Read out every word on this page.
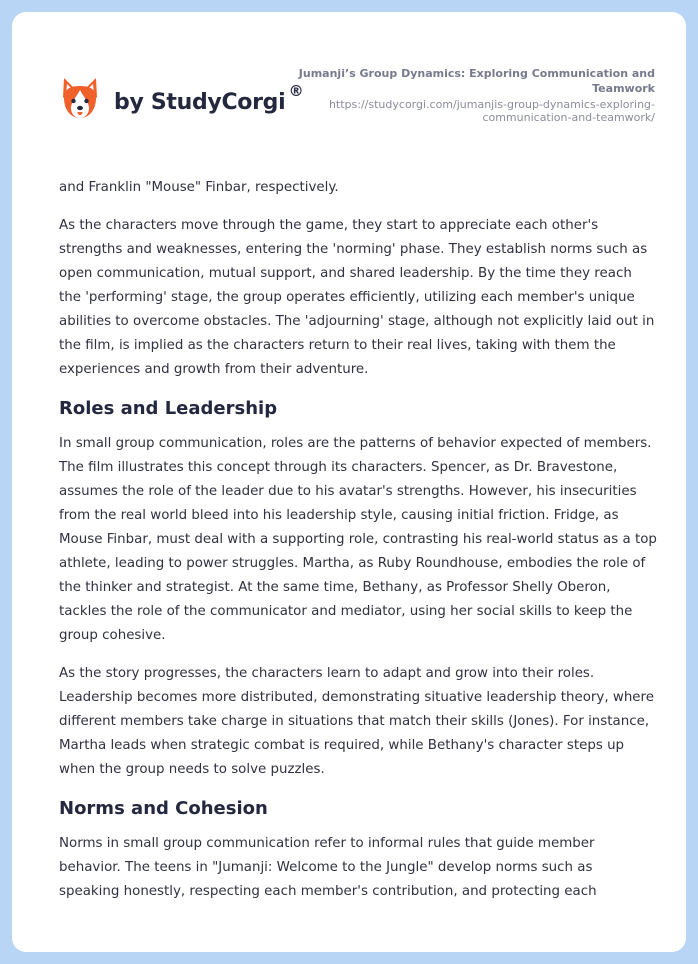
by StudyCorgi ®
Jumanji’s Group Dynamics: Exploring Communication and Teamwork
https://studycorgi.com/jumanjis-group-dynamics-exploring-communication-and-teamwork/

and Franklin "Mouse" Finbar, respectively.

As the characters move through the game, they start to appreciate each other's strengths and weaknesses, entering the 'norming' phase. They establish norms such as open communication, mutual support, and shared leadership. By the time they reach the 'performing' stage, the group operates efficiently, utilizing each member's unique abilities to overcome obstacles. The 'adjourning' stage, although not explicitly laid out in the film, is implied as the characters return to their real lives, taking with them the experiences and growth from their adventure.

Roles and Leadership

In small group communication, roles are the patterns of behavior expected of members. The film illustrates this concept through its characters. Spencer, as Dr. Bravestone, assumes the role of the leader due to his avatar's strengths. However, his insecurities from the real world bleed into his leadership style, causing initial friction. Fridge, as Mouse Finbar, must deal with a supporting role, contrasting his real-world status as a top athlete, leading to power struggles. Martha, as Ruby Roundhouse, embodies the role of the thinker and strategist. At the same time, Bethany, as Professor Shelly Oberon, tackles the role of the communicator and mediator, using her social skills to keep the group cohesive.

As the story progresses, the characters learn to adapt and grow into their roles. Leadership becomes more distributed, demonstrating situative leadership theory, where different members take charge in situations that match their skills (Jones). For instance, Martha leads when strategic combat is required, while Bethany's character steps up when the group needs to solve puzzles.

Norms and Cohesion

Norms in small group communication refer to informal rules that guide member behavior. The teens in "Jumanji: Welcome to the Jungle" develop norms such as speaking honestly, respecting each member's contribution, and protecting each
